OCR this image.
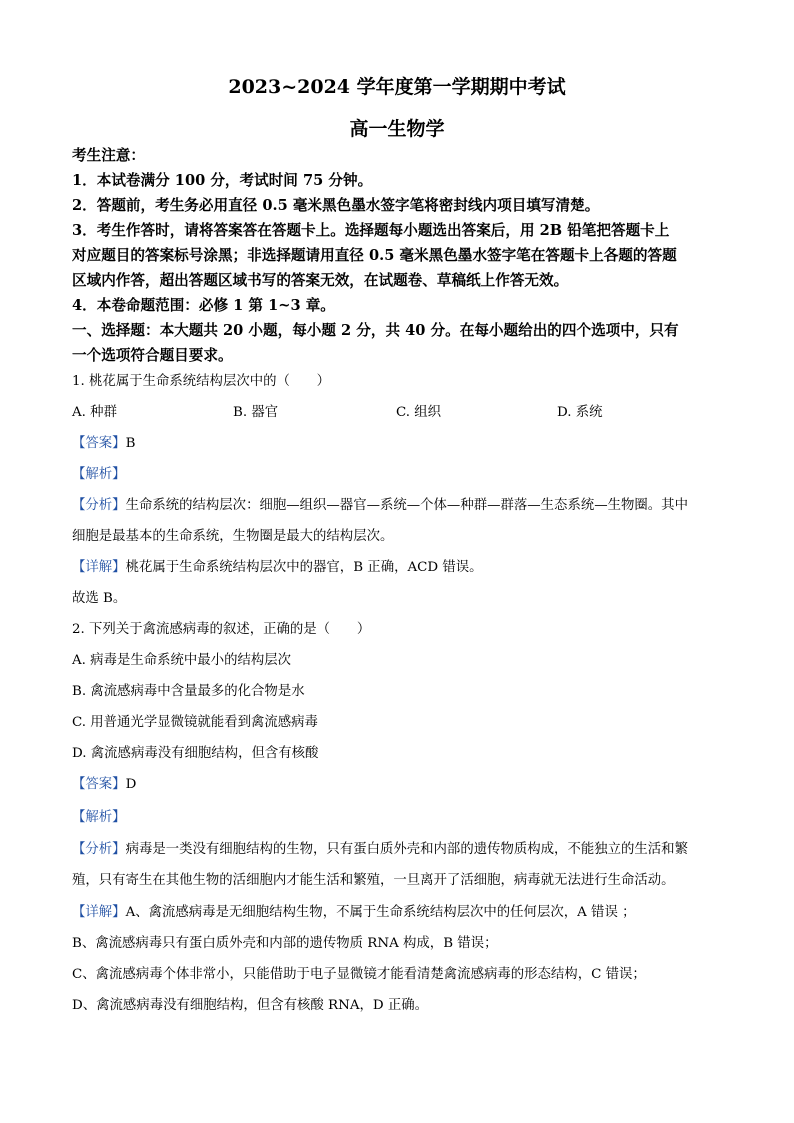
2023~2024 学年度第一学期期中考试
高一生物学
考生注意：
1．本试卷满分 100 分，考试时间 75 分钟。
2．答题前，考生务必用直径 0.5 毫米黑色墨水签字笔将密封线内项目填写清楚。
3．考生作答时，请将答案答在答题卡上。选择题每小题选出答案后，用 2B 铅笔把答题卡上
对应题目的答案标号涂黑；非选择题请用直径 0.5 毫米黑色墨水签字笔在答题卡上各题的答题
区域内作答，超出答题区域书写的答案无效，在试题卷、草稿纸上作答无效。
4．本卷命题范围：必修 1 第 1~3 章。
一、选择题：本大题共 20 小题，每小题 2 分，共 40 分。在每小题给出的四个选项中，只有
一个选项符合题目要求。
1. 桃花属于生命系统结构层次中的（　　）
A. 种群	B. 器官	C. 组织	D. 系统
【答案】B
【解析】
【分析】生命系统的结构层次：细胞—组织—器官—系统—个体—种群—群落—生态系统—生物圈。其中
细胞是最基本的生命系统，生物圈是最大的结构层次。
【详解】桃花属于生命系统结构层次中的器官，B 正确，ACD 错误。
故选 B。
2. 下列关于禽流感病毒的叙述，正确的是（　　）
A. 病毒是生命系统中最小的结构层次
B. 禽流感病毒中含量最多的化合物是水
C. 用普通光学显微镜就能看到禽流感病毒
D. 禽流感病毒没有细胞结构，但含有核酸
【答案】D
【解析】
【分析】病毒是一类没有细胞结构的生物，只有蛋白质外壳和内部的遗传物质构成，不能独立的生活和繁
殖，只有寄生在其他生物的活细胞内才能生活和繁殖，一旦离开了活细胞，病毒就无法进行生命活动。
【详解】A、禽流感病毒是无细胞结构生物，不属于生命系统结构层次中的任何层次，A 错误 ；
B、禽流感病毒只有蛋白质外壳和内部的遗传物质 RNA 构成，B 错误；
C、禽流感病毒个体非常小，只能借助于电子显微镜才能看清楚禽流感病毒的形态结构，C 错误；
D、禽流感病毒没有细胞结构，但含有核酸 RNA，D 正确。
